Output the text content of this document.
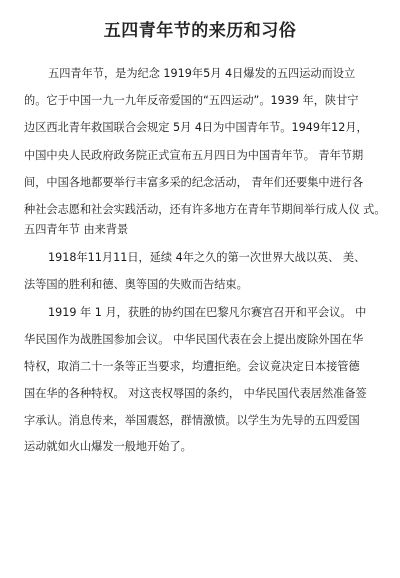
五四青年节的来历和习俗
五四青年节，是为纪念 1919年5月 4日爆发的五四运动而设立
的。它于中国一九一九年反帝爱国的“五四运动”。1939 年，陕甘宁
边区西北青年救国联合会规定 5月 4日为中国青年节。1949年12月，
中国中央人民政府政务院正式宣布五月四日为中国青年节。 青年节期
间，中国各地都要举行丰富多采的纪念活动， 青年们还要集中进行各
种社会志愿和社会实践活动，还有许多地方在青年节期间举行成人仪 式。
五四青年节 由来背景
1918年11月11日，延续 4年之久的第一次世界大战以英、 美、
法等国的胜利和德、奥等国的失败而告结束。
1919 年 1 月，获胜的协约国在巴黎凡尔赛宫召开和平会议。 中
华民国作为战胜国参加会议。 中华民国代表在会上提出废除外国在华
特权，取消二十一条等正当要求，均遭拒绝。会议竟决定日本接管德
国在华的各种特权。 对这丧权辱国的条约， 中华民国代表居然准备签
字承认。消息传来，举国震怒，群情激愤。以学生为先导的五四爱国
运动就如火山爆发一般地开始了。
